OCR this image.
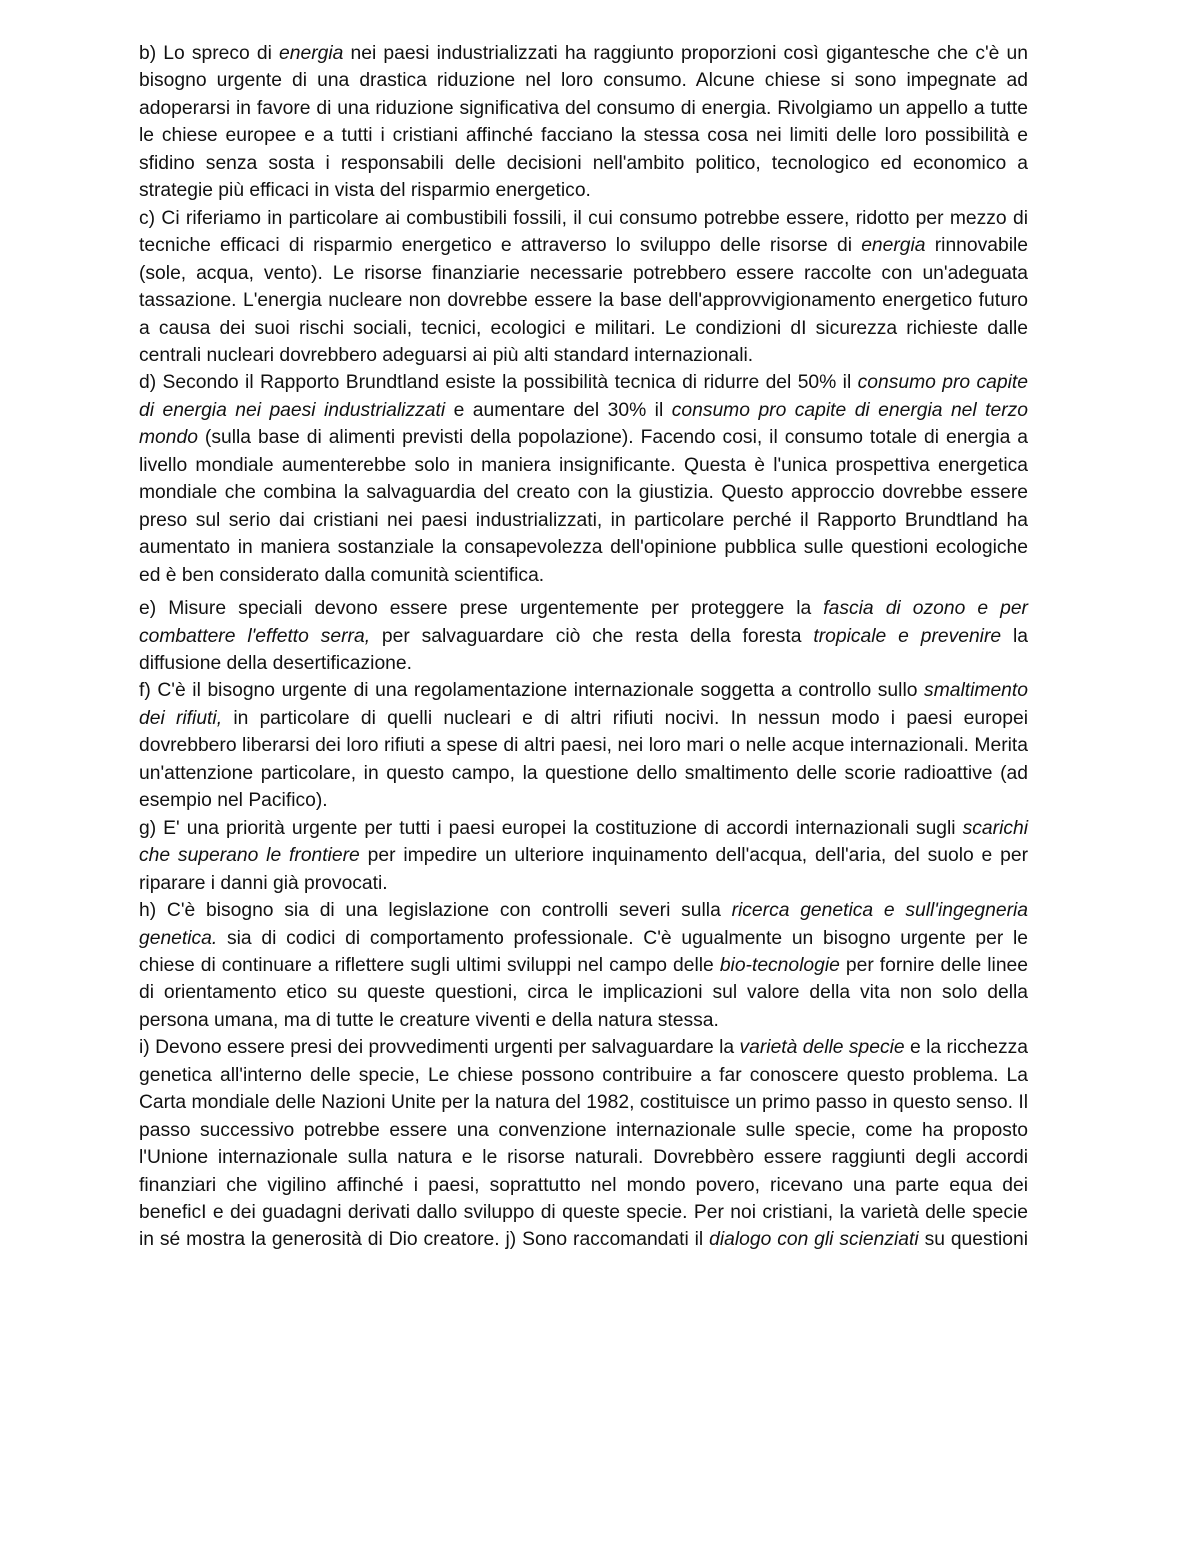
b) Lo spreco di energia nei paesi industrializzati ha raggiunto proporzioni così gigantesche che c'è un bisogno urgente di una drastica riduzione nel loro consumo. Alcune chiese si sono impegnate ad adoperarsi in favore di una riduzione significativa del consumo di energia. Rivolgiamo un appello a tutte le chiese europee e a tutti i cristiani affinché facciano la stessa cosa nei limiti delle loro possibilità e sfidino senza sosta i responsabili delle decisioni nell'ambito politico, tecnologico ed economico a strategie più efficaci in vista del risparmio energetico.

c) Ci riferiamo in particolare ai combustibili fossili, il cui consumo potrebbe essere, ridotto per mezzo di tecniche efficaci di risparmio energetico e attraverso lo sviluppo delle risorse di energia rinnovabile (sole, acqua, vento). Le risorse finanziarie necessarie potrebbero essere raccolte con un'adeguata tassazione. L'energia nucleare non dovrebbe essere la base dell'approvvigionamento energetico futuro a causa dei suoi rischi sociali, tecnici, ecologici e militari. Le condizioni dI sicurezza richieste dalle centrali nucleari dovrebbero adeguarsi ai più alti standard internazionali.

d) Secondo il Rapporto Brundtland esiste la possibilità tecnica di ridurre del 50% il consumo pro capite di energia nei paesi industrializzati e aumentare del 30% il consumo pro capite di energia nel terzo mondo (sulla base di alimenti previsti della popolazione). Facendo cosi, il consumo totale di energia a livello mondiale aumenterebbe solo in maniera insignificante. Questa è l'unica prospettiva energetica mondiale che combina la salvaguardia del creato con la giustizia. Questo approccio dovrebbe essere preso sul serio dai cristiani nei paesi industrializzati, in particolare perché il Rapporto Brundtland ha aumentato in maniera sostanziale la consapevolezza dell'opinione pubblica sulle questioni ecologiche ed è ben considerato dalla comunità scientifica.

e) Misure speciali devono essere prese urgentemente per proteggere la fascia di ozono e per combattere l'effetto serra, per salvaguardare ciò che resta della foresta tropicale e prevenire la diffusione della desertificazione.

f) C'è il bisogno urgente di una regolamentazione internazionale soggetta a controllo sullo smaltimento dei rifiuti, in particolare di quelli nucleari e di altri rifiuti nocivi. In nessun modo i paesi europei dovrebbero liberarsi dei loro rifiuti a spese di altri paesi, nei loro mari o nelle acque internazionali. Merita un'attenzione particolare, in questo campo, la questione dello smaltimento delle scorie radioattive (ad esempio nel Pacifico).

g) E' una priorità urgente per tutti i paesi europei la costituzione di accordi internazionali sugli scarichi che superano le frontiere per impedire un ulteriore inquinamento dell'acqua, dell'aria, del suolo e per riparare i danni già provocati.

h) C'è bisogno sia di una legislazione con controlli severi sulla ricerca genetica e sull'ingegneria genetica. sia di codici di comportamento professionale. C'è ugualmente un bisogno urgente per le chiese di continuare a riflettere sugli ultimi sviluppi nel campo delle bio-tecnologie per fornire delle linee di orientamento etico su queste questioni, circa le implicazioni sul valore della vita non solo della persona umana, ma di tutte le creature viventi e della natura stessa.

i) Devono essere presi dei provvedimenti urgenti per salvaguardare la varietà delle specie e la ricchezza genetica all'interno delle specie, Le chiese possono contribuire a far conoscere questo problema. La Carta mondiale delle Nazioni Unite per la natura del 1982, costituisce un primo passo in questo senso. Il passo successivo potrebbe essere una convenzione internazionale sulle specie, come ha proposto l'Unione internazionale sulla natura e le risorse naturali. Dovrebbèro essere raggiunti degli accordi finanziari che vigilino affinché i paesi, soprattutto nel mondo povero, ricevano una parte equa dei beneficI e dei guadagni derivati dallo sviluppo di queste specie. Per noi cristiani, la varietà delle specie in sé mostra la generosità di Dio creatore. j) Sono raccomandati il dialogo con gli scienziati su questioni
